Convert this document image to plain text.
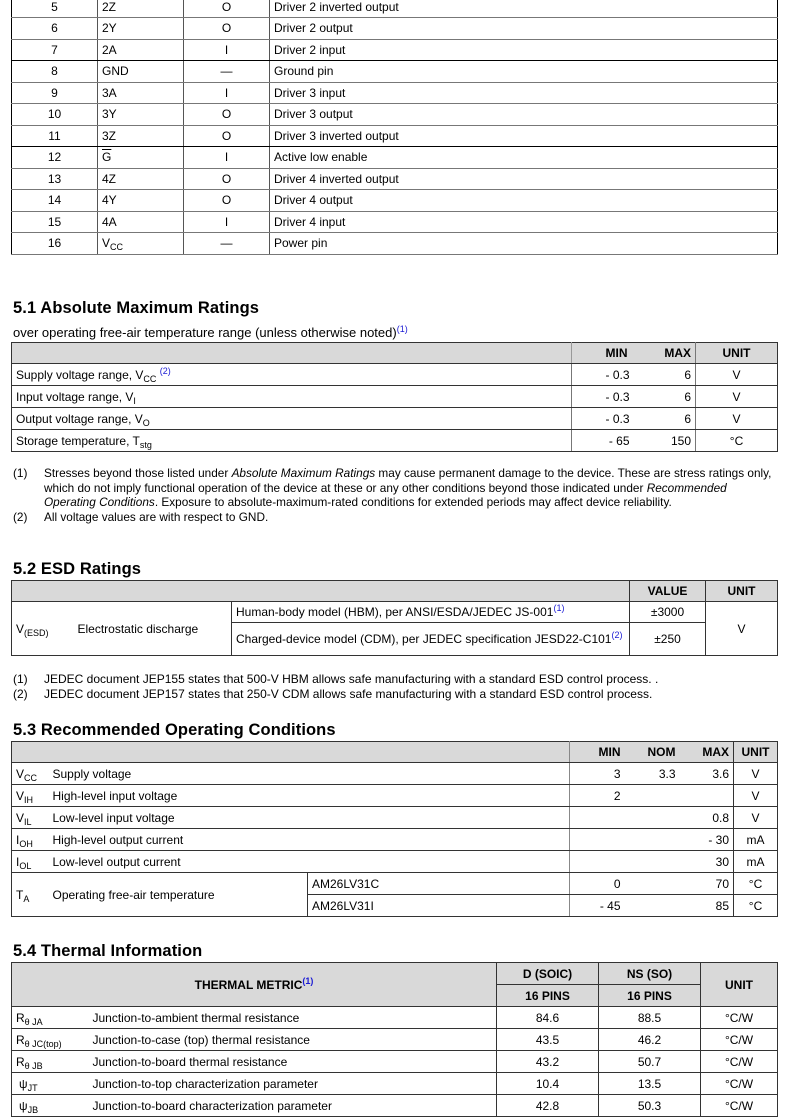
5	2Z	O	Driver 2 inverted output
6	2Y	O	Driver 2 output
7	2A	I	Driver 2 input
8	GND	—	Ground pin
9	3A	I	Driver 3 input
10	3Y	O	Driver 3 output
11	3Z	O	Driver 3 inverted output
12	$\overline{G}$	I	Active low enable
13	4Z	O	Driver 4 inverted output
14	4Y	O	Driver 4 output
15	4A	I	Driver 4 input
16	$V_{CC}$	—	Power pin
5.1 Absolute Maximum Ratings
over operating free-air temperature range (unless otherwise noted)$^{(1)}$
	MIN	MAX	UNIT
Supply voltage range, $V_{CC}$ $^{(2)}$	- 0.3	6	V
Input voltage range, $V_I$	- 0.3	6	V
Output voltage range, $V_O$	- 0.3	6	V
Storage temperature, $T_{stg}$	- 65	150	°C
(1)	Stresses beyond those listed under Absolute Maximum Ratings may cause permanent damage to the device. These are stress ratings only, which do not imply functional operation of the device at these or any other conditions beyond those indicated under Recommended Operating Conditions. Exposure to absolute-maximum-rated conditions for extended periods may affect device reliability.
(2)	All voltage values are with respect to GND.
5.2 ESD Ratings
			VALUE	UNIT
$V_{(ESD)}$	Electrostatic discharge	Human-body model (HBM), per ANSI/ESDA/JEDEC JS-001$^{(1)}$	±3000	V
		Charged-device model (CDM), per JEDEC specification JESD22-C101$^{(2)}$	±250	
(1)	JEDEC document JEP155 states that 500-V HBM allows safe manufacturing with a standard ESD control process. .
(2)	JEDEC document JEP157 states that 250-V CDM allows safe manufacturing with a standard ESD control process.
5.3 Recommended Operating Conditions
			MIN	NOM	MAX	UNIT
$V_{CC}$	Supply voltage		3	3.3	3.6	V
$V_{IH}$	High-level input voltage		2			V
$V_{IL}$	Low-level input voltage				0.8	V
$I_{OH}$	High-level output current				- 30	mA
$I_{OL}$	Low-level output current				30	mA
$T_A$	Operating free-air temperature	AM26LV31C	0		70	°C
		AM26LV31I	- 45		85	°C
5.4 Thermal Information
THERMAL METRIC$^{(1)}$		D (SOIC)	NS (SO)	UNIT
		16 PINS	16 PINS	
$R_{\theta JA}$	Junction-to-ambient thermal resistance	84.6	88.5	°C/W
$R_{\theta JC(top)}$	Junction-to-case (top) thermal resistance	43.5	46.2	°C/W
$R_{\theta JB}$	Junction-to-board thermal resistance	43.2	50.7	°C/W
$\psi_{JT}$	Junction-to-top characterization parameter	10.4	13.5	°C/W
$\psi_{JB}$	Junction-to-board characterization parameter	42.8	50.3	°C/W
